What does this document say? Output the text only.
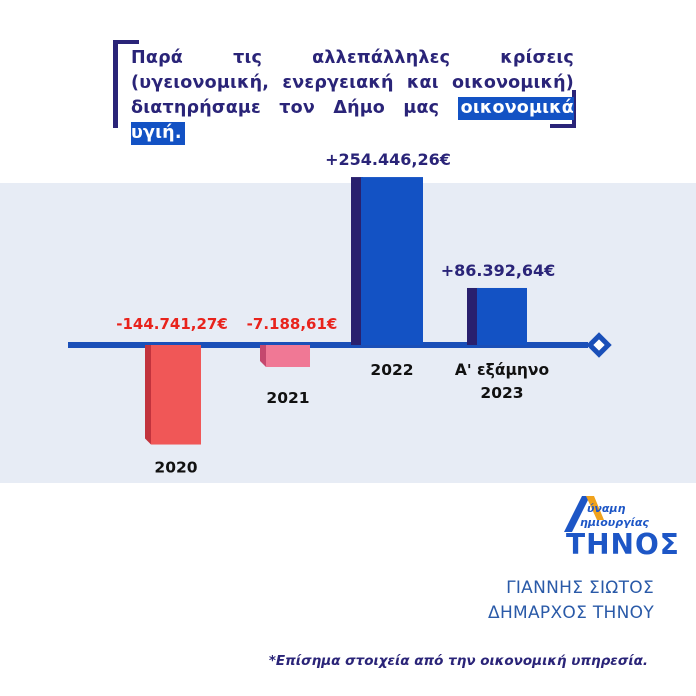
Παρά τις αλλεπάλληλες κρίσεις
(υγειονομική, ενεργειακή και οικονομική)
διατηρήσαμε τον Δήμο μας οικονομικά υγιή.
-144.741,27€
2020
-7.188,61€
2021
+254.446,26€
2022
+86.392,64€
Α' εξάμηνο
2023
ύναμη
ημιουργίας
ΤΗΝΟΣ
ΓΙΑΝΝΗΣ ΣΙΩΤΟΣ
ΔΗΜΑΡΧΟΣ ΤΗΝΟΥ
*Επίσημα στοιχεία από την οικονομική υπηρεσία.
